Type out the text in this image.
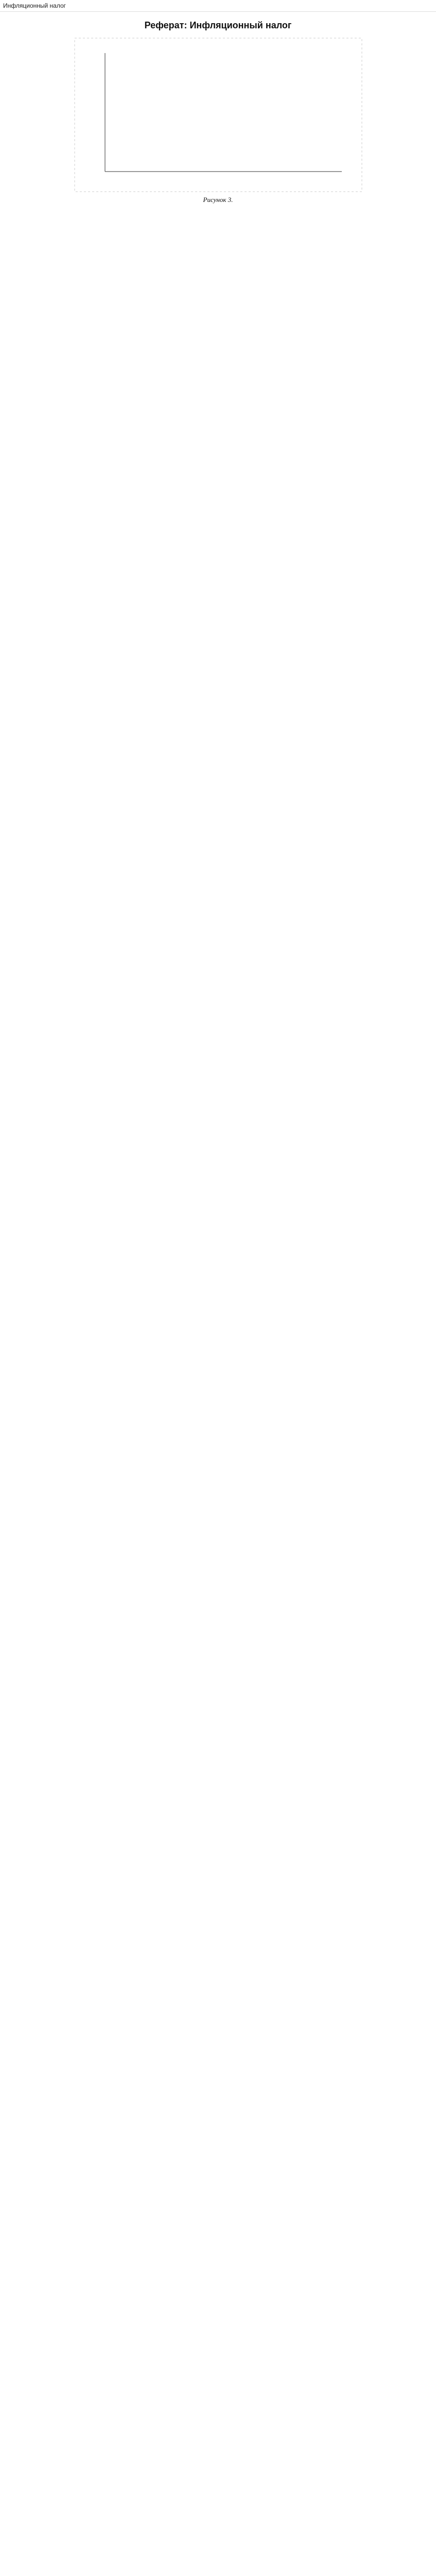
Инфляционный налог
Реферат: Инфляционный налог

Рисунок 3.
